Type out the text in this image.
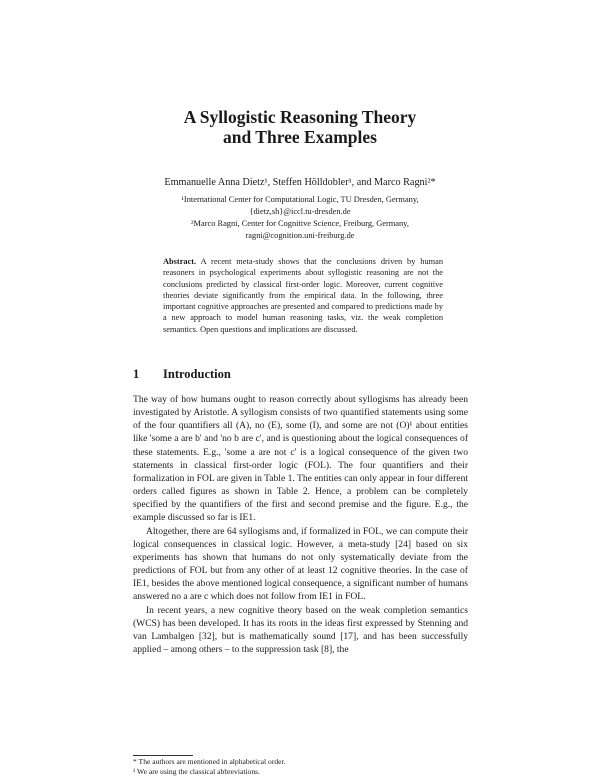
A Syllogistic Reasoning Theory
and Three Examples
Emmanuelle Anna Dietz¹, Steffen Hölldobler¹, and Marco Ragni²*
¹International Center for Computational Logic, TU Dresden, Germany,
{dietz,sh}@iccl.tu-dresden.de
²Marco Ragni, Center for Cognitive Science, Freiburg, Germany,
ragni@cognition.uni-freiburg.de
Abstract. A recent meta-study shows that the conclusions driven by human reasoners in psychological experiments about syllogistic reasoning are not the conclusions predicted by classical first-order logic. Moreover, current cognitive theories deviate significantly from the empirical data. In the following, three important cognitive approaches are presented and compared to predictions made by a new approach to model human reasoning tasks, viz. the weak completion semantics. Open questions and implications are discussed.
1 Introduction

The way of how humans ought to reason correctly about syllogisms has already been investigated by Aristotle. A syllogism consists of two quantified statements using some of the four quantifiers all (A), no (E), some (I), and some are not (O)¹ about entities like 'some a are b' and 'no b are c', and is questioning about the logical consequences of these statements. E.g., 'some a are not c' is a logical consequence of the given two statements in classical first-order logic (FOL). The four quantifiers and their formalization in FOL are given in Table 1. The entities can only appear in four different orders called figures as shown in Table 2. Hence, a problem can be completely specified by the quantifiers of the first and second premise and the figure. E.g., the example discussed so far is IE1.

Altogether, there are 64 syllogisms and, if formalized in FOL, we can compute their logical consequences in classical logic. However, a meta-study [24] based on six experiments has shown that humans do not only systematically deviate from the predictions of FOL but from any other of at least 12 cognitive theories. In the case of IE1, besides the above mentioned logical consequence, a significant number of humans answered no a are c which does not follow from IE1 in FOL.

In recent years, a new cognitive theory based on the weak completion semantics (WCS) has been developed. It has its roots in the ideas first expressed by Stenning and van Lambalgen [32], but is mathematically sound [17], and has been successfully applied – among others – to the suppression task [8], the

* The authors are mentioned in alphabetical order.
¹ We are using the classical abbreviations.
